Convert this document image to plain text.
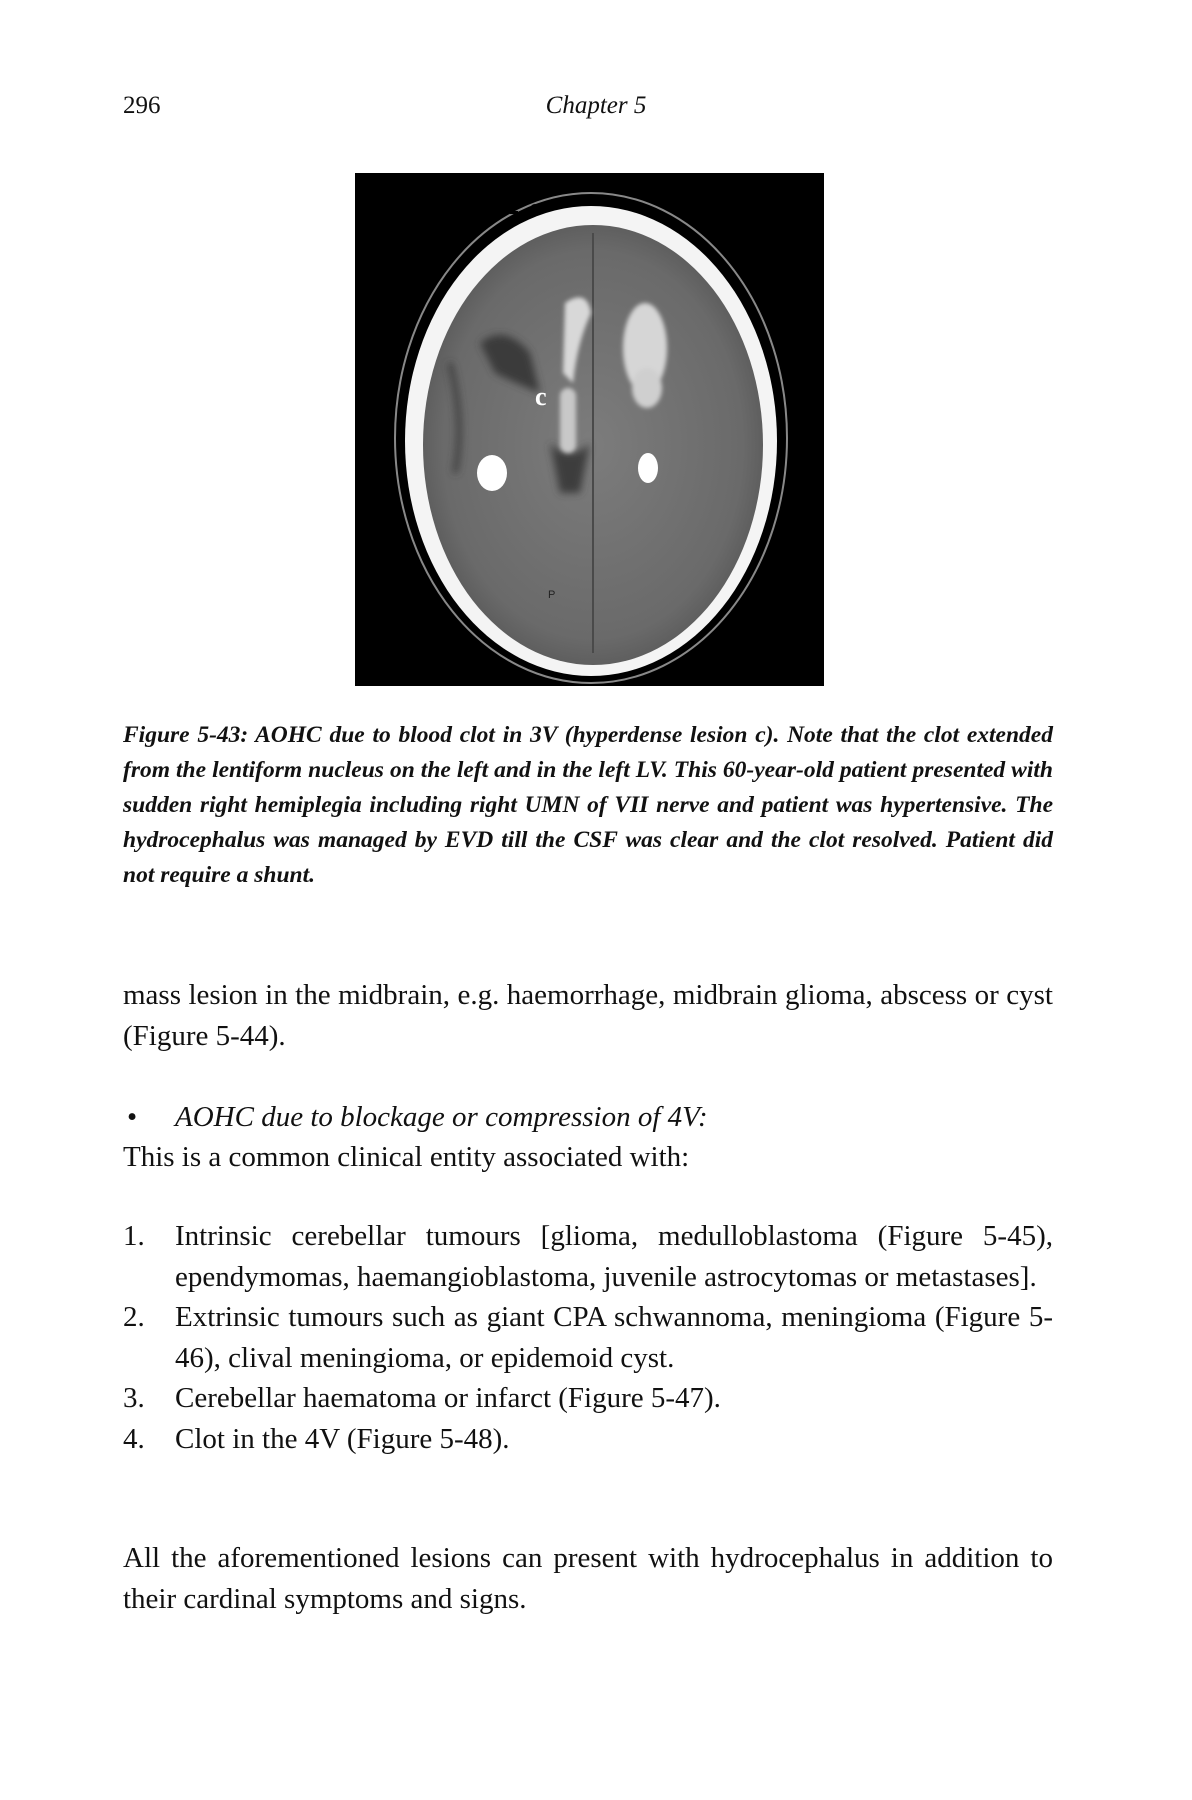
296	Chapter 5
c
P
Figure 5-43: AOHC due to blood clot in 3V (hyperdense lesion c). Note that the clot extended from the lentiform nucleus on the left and in the left LV. This 60-year-old patient presented with sudden right hemiplegia including right UMN of VII nerve and patient was hypertensive. The hydrocephalus was managed by EVD till the CSF was clear and the clot resolved. Patient did not require a shunt.
mass lesion in the midbrain, e.g. haemorrhage, midbrain glioma, abscess or cyst (Figure 5-44).
• AOHC due to blockage or compression of 4V:
This is a common clinical entity associated with:
1. Intrinsic cerebellar tumours [glioma, medulloblastoma (Figure 5-45), ependymomas, haemangioblastoma, juvenile astrocytomas or metastases].
2. Extrinsic tumours such as giant CPA schwannoma, meningioma (Figure 5-46), clival meningioma, or epidemoid cyst.
3. Cerebellar haematoma or infarct (Figure 5-47).
4. Clot in the 4V (Figure 5-48).
All the aforementioned lesions can present with hydrocephalus in addition to their cardinal symptoms and signs.
